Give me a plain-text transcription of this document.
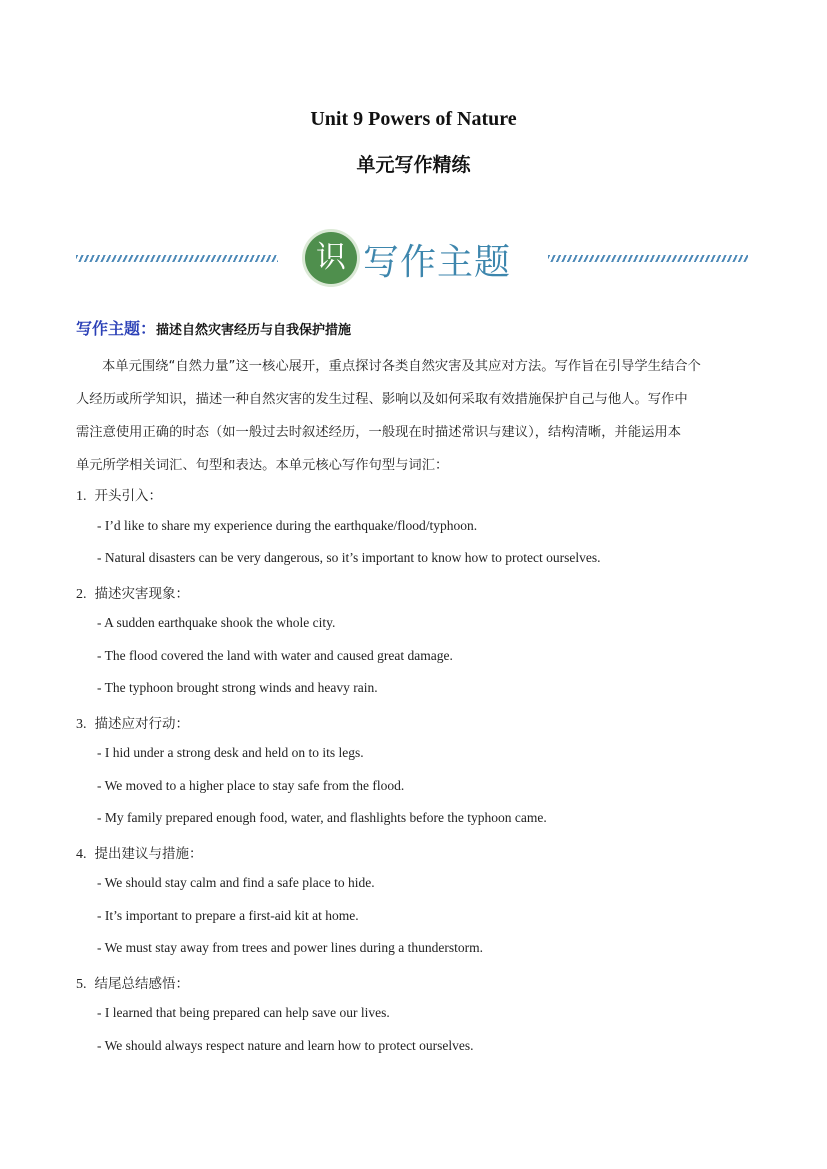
Unit 9 Powers of Nature
单元写作精练
识 写作主题
写作主题：描述自然灾害经历与自我保护措施
本单元围绕“自然力量”这一核心展开，重点探讨各类自然灾害及其应对方法。写作旨在引导学生结合个
人经历或所学知识，描述一种自然灾害的发生过程、影响以及如何采取有效措施保护自己与他人。写作中
需注意使用正确的时态（如一般过去时叙述经历，一般现在时描述常识与建议），结构清晰，并能运用本
单元所学相关词汇、句型和表达。本单元核心写作句型与词汇：
1. 开头引入：
- I’d like to share my experience during the earthquake/flood/typhoon.
- Natural disasters can be very dangerous, so it’s important to know how to protect ourselves.
2. 描述灾害现象：
- A sudden earthquake shook the whole city.
- The flood covered the land with water and caused great damage.
- The typhoon brought strong winds and heavy rain.
3. 描述应对行动：
- I hid under a strong desk and held on to its legs.
- We moved to a higher place to stay safe from the flood.
- My family prepared enough food, water, and flashlights before the typhoon came.
4. 提出建议与措施：
- We should stay calm and find a safe place to hide.
- It’s important to prepare a first-aid kit at home.
- We must stay away from trees and power lines during a thunderstorm.
5. 结尾总结感悟：
- I learned that being prepared can help save our lives.
- We should always respect nature and learn how to protect ourselves.
